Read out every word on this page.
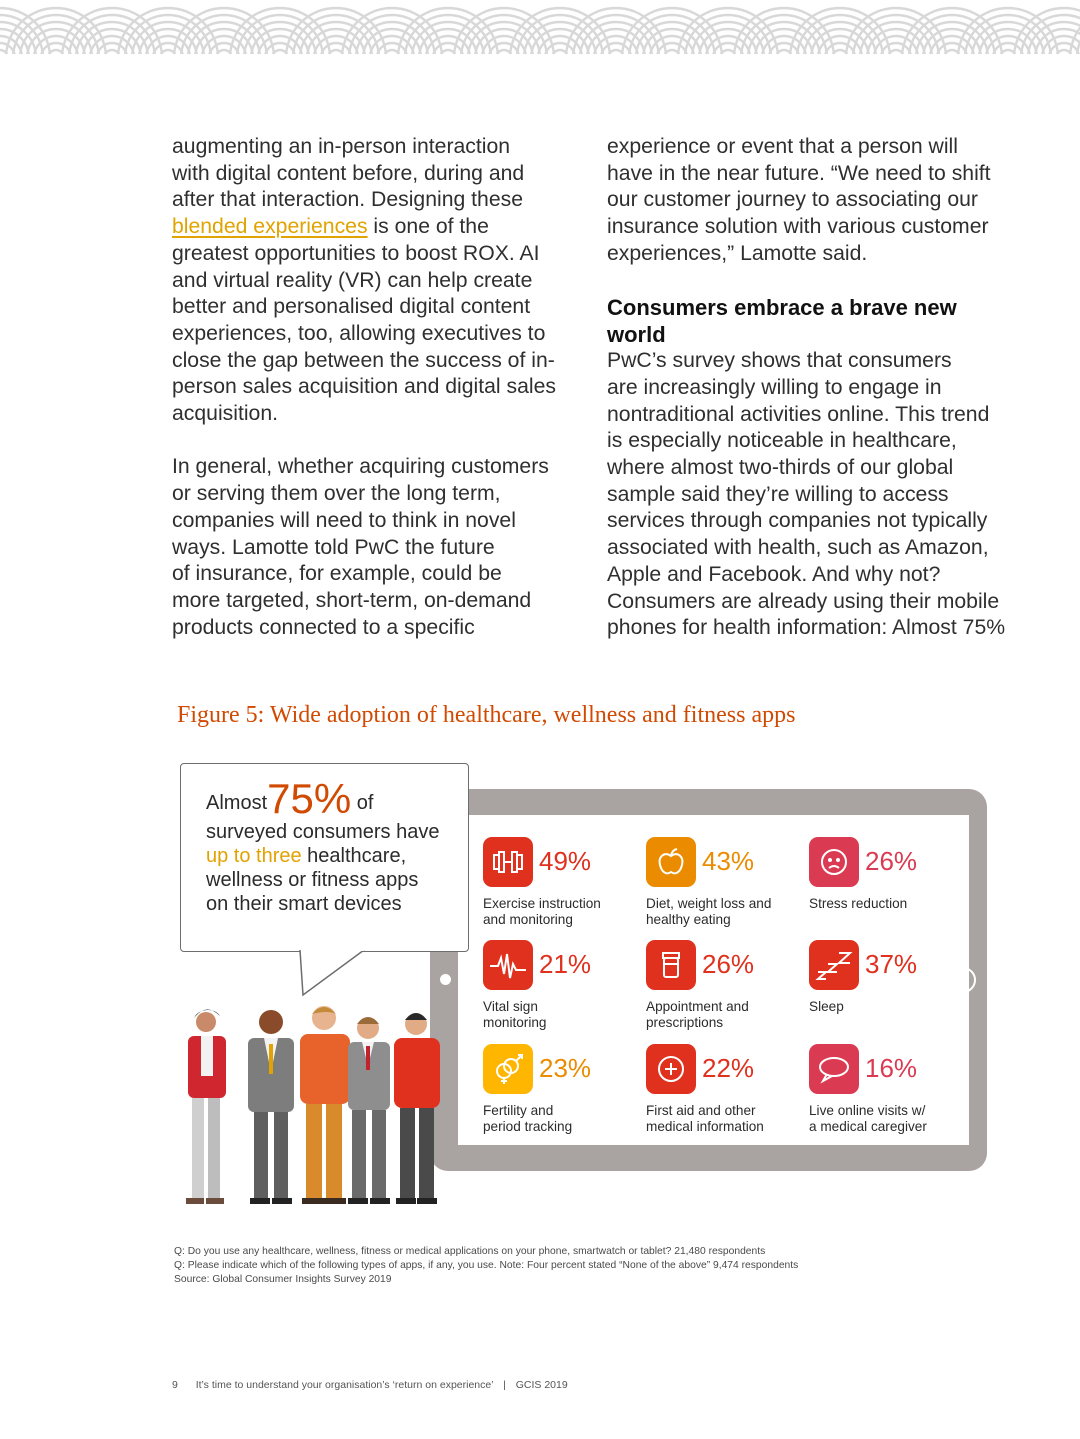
augmenting an in-person interaction

with digital content before, during and

after that interaction. Designing these

blended experiences is one of the

greatest opportunities to boost ROX. AI

and virtual reality (VR) can help create

better and personalised digital content

experiences, too, allowing executives to

close the gap between the success of in-

person sales acquisition and digital sales

acquisition.

In general, whether acquiring customers

or serving them over the long term,

companies will need to think in novel

ways. Lamotte told PwC the future

of insurance, for example, could be

more targeted, short-term, on-demand

products connected to a specific

experience or event that a person will

have in the near future. “We need to shift

our customer journey to associating our

insurance solution with various customer

experiences,” Lamotte said.

Consumers embrace a brave new
world

PwC’s survey shows that consumers

are increasingly willing to engage in

nontraditional activities online. This trend

is especially noticeable in healthcare,

where almost two-thirds of our global

sample said they’re willing to access

services through companies not typically

associated with health, such as Amazon,

Apple and Facebook. And why not?

Consumers are already using their mobile

phones for health information: Almost 75%

Figure 5: Wide adoption of healthcare, wellness and fitness apps
49%
Exercise instruction
and monitoring
43%
Diet, weight loss and
healthy eating
26%
Stress reduction
21%
Vital sign
monitoring
26%
Appointment and
prescriptions
37%
Sleep
23%
Fertility and
period tracking
22%
First aid and other
medical information
16%
Live online visits w/
a medical caregiver
Almost75% of
surveyed consumers have
up to three healthcare,
wellness or fitness apps
on their smart devices
Q: Do you use any healthcare, wellness, fitness or medical applications on your phone, smartwatch or tablet? 21,480 respondents
Q: Please indicate which of the following types of apps, if any, you use. Note: Four percent stated “None of the above” 9,474 respondents
Source: Global Consumer Insights Survey 2019
9 It’s time to understand your organisation’s ‘return on experience’ | GCIS 2019
